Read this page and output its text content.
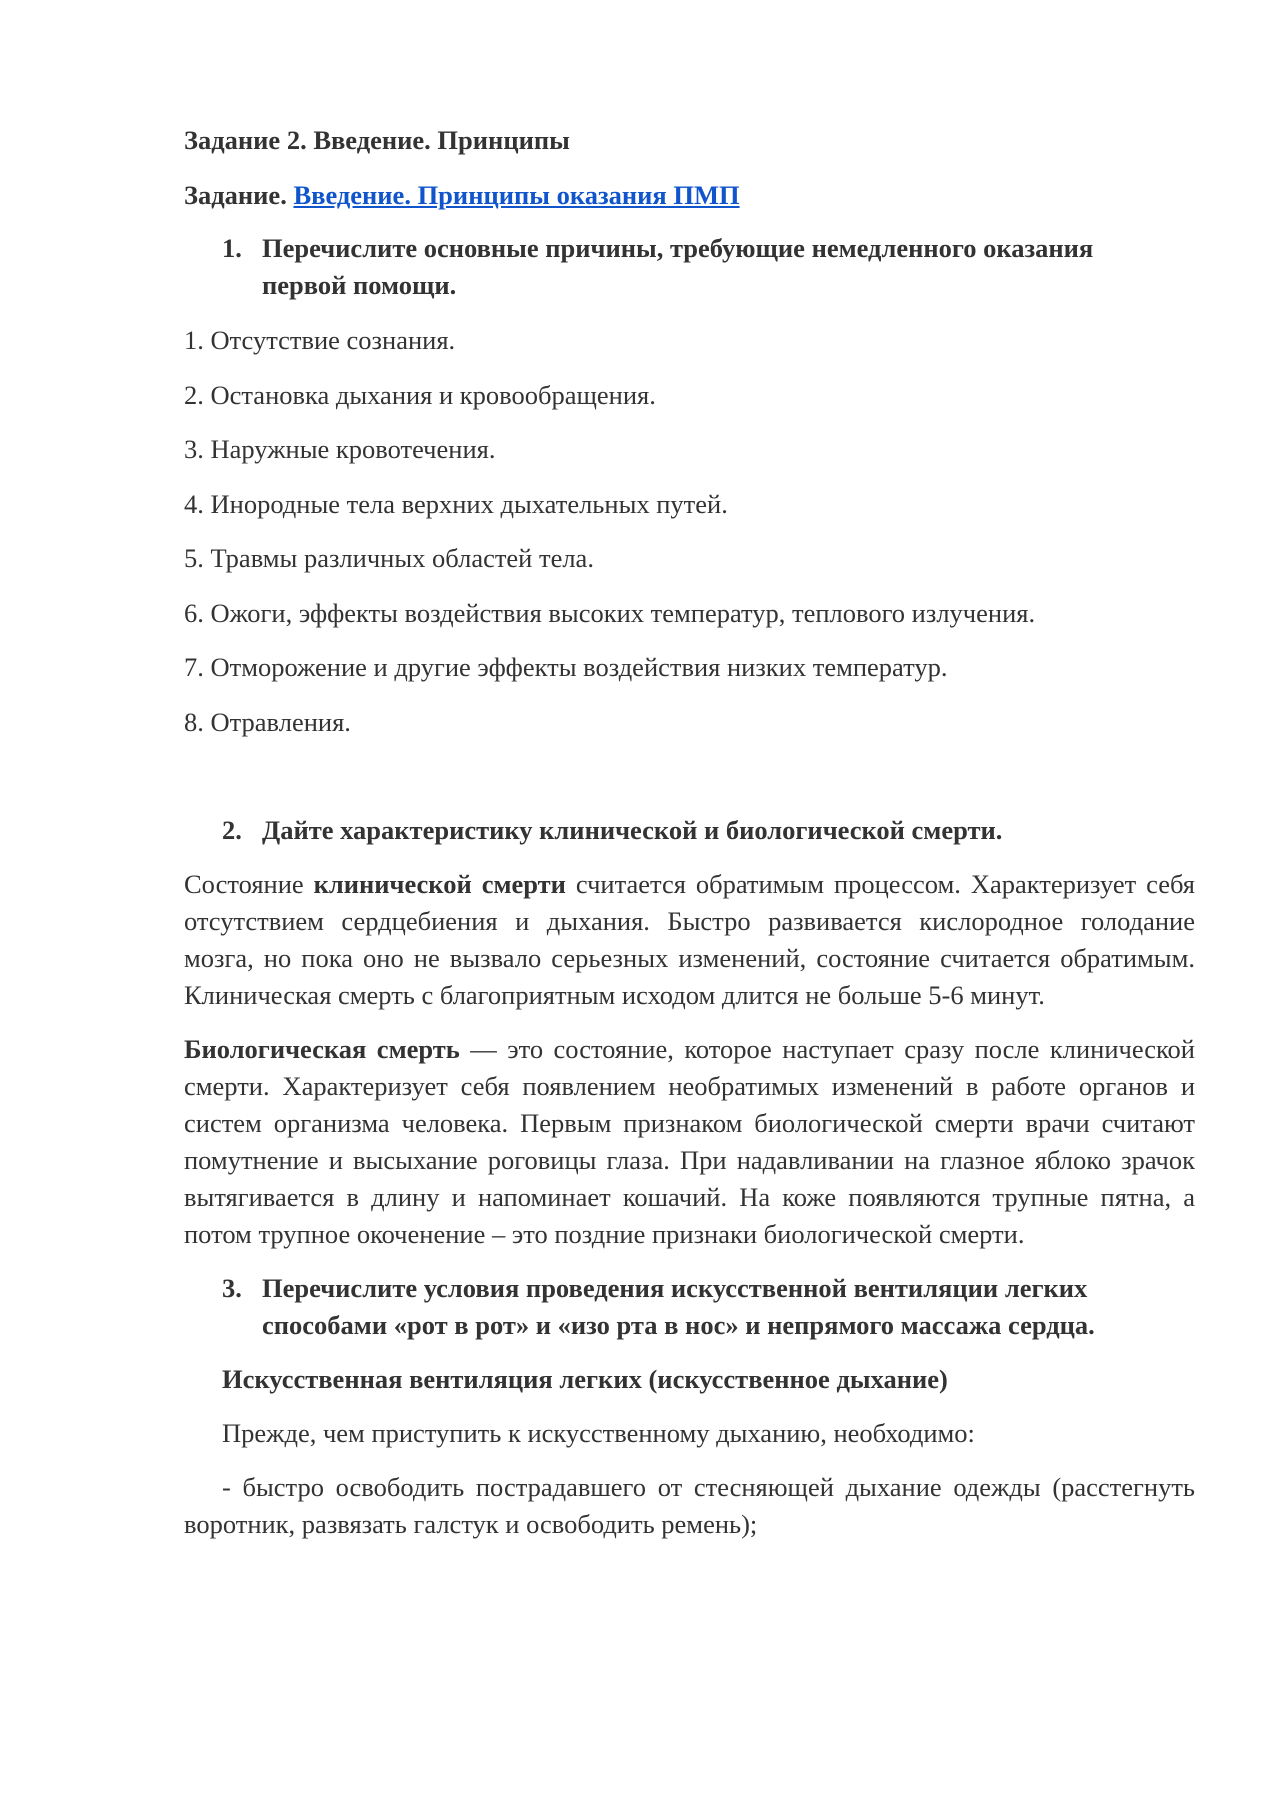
Задание 2. Введение. Принципы

Задание. Введение. Принципы оказания ПМП

1. Перечислите основные причины, требующие немедленного оказания первой помощи.

1. Отсутствие сознания.

2. Остановка дыхания и кровообращения.

3. Наружные кровотечения.

4. Инородные тела верхних дыхательных путей.

5. Травмы различных областей тела.

6. Ожоги, эффекты воздействия высоких температур, теплового излучения.

7. Отморожение и другие эффекты воздействия низких температур.

8. Отравления.

2. Дайте характеристику клинической и биологической смерти.

Состояние клинической смерти считается обратимым процессом. Характеризует себя отсутствием сердцебиения и дыхания. Быстро развивается кислородное голодание мозга, но пока оно не вызвало серьезных изменений, состояние считается обратимым. Клиническая смерть с благоприятным исходом длится не больше 5-6 минут.

Биологическая смерть — это состояние, которое наступает сразу после клинической смерти. Характеризует себя появлением необратимых изменений в работе органов и систем организма человека. Первым признаком биологической смерти врачи считают помутнение и высыхание роговицы глаза. При надавливании на глазное яблоко зрачок вытягивается в длину и напоминает кошачий. На коже появляются трупные пятна, а потом трупное окоченение – это поздние признаки биологической смерти.

3. Перечислите условия проведения искусственной вентиляции легких способами «рот в рот» и «изо рта в нос» и непрямого массажа сердца.

Искусственная вентиляция легких (искусственное дыхание)

Прежде, чем приступить к искусственному дыханию, необходимо:

- быстро освободить пострадавшего от стесняющей дыхание одежды (расстегнуть воротник, развязать галстук и освободить ремень);
